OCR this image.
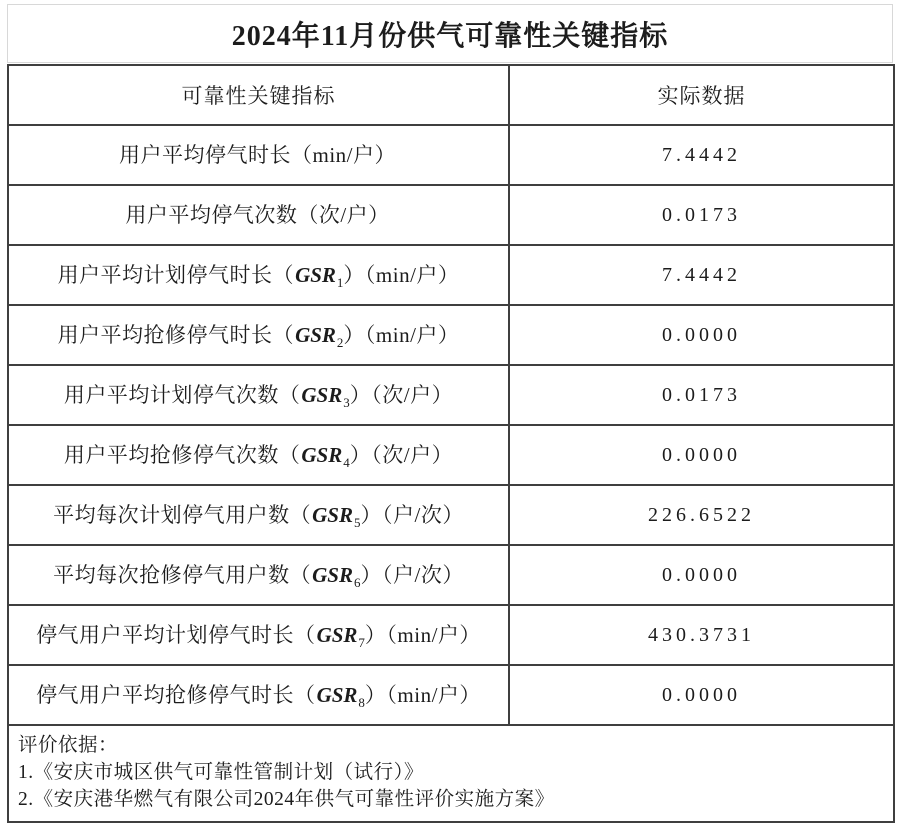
2024年11月份供气可靠性关键指标
可靠性关键指标	实际数据
用户平均停气时长（min/户）	7.4442
用户平均停气次数（次/户）	0.0173
用户平均计划停气时长$(GSR_1)(\min/$户）	7.4442
用户平均抢修停气时长$(GSR_2)(\min/$户）	0.0000
用户平均计划停气次数$(GSR_3)$（次/户）	0.0173
用户平均抢修停气次数$(GSR_4)$（次/户）	0.0000
平均每次计划停气用户数$(GSR_5)$（户/次）	226.6522
平均每次抢修停气用户数$(GSR_6)$（户/次）	0.0000
停气用户平均计划停气时长$(GSR_7)(\min/$户）	430.3731
停气用户平均抢修停气时长$(GSR_8)(\min/$户）	0.0000

评价依据：
1.《安庆市城区供气可靠性管制计划（试行）》
2.《安庆港华燃气有限公司2024年供气可靠性评价实施方案》	
